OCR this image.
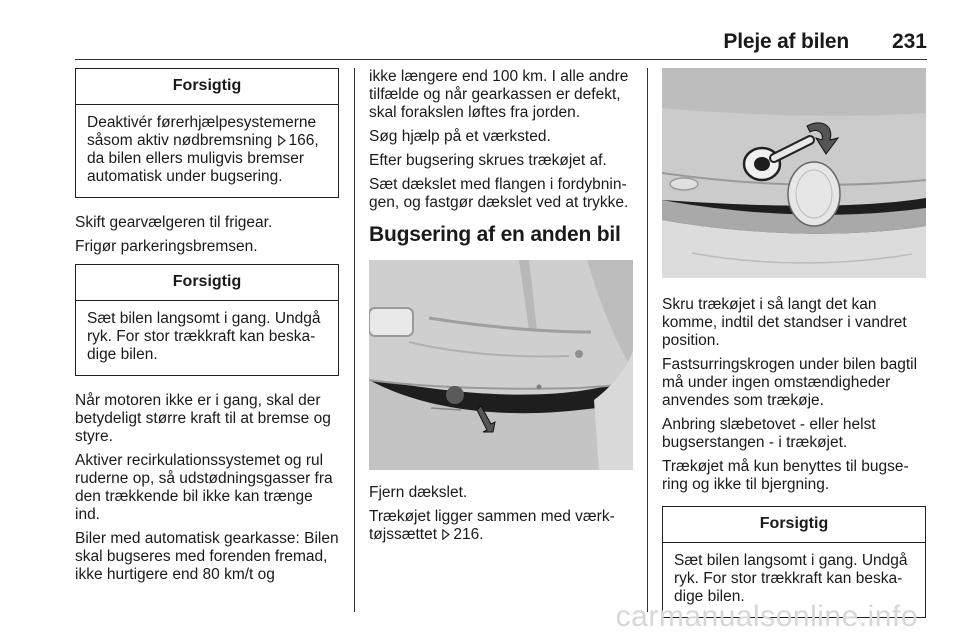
Pleje af bilen 231
Forsigtig
Deaktivér førerhjælpesystemerne såsom aktiv nødbremsning 166, da bilen ellers muligvis bremser automatisk under bugsering.

Skift gearvælgeren til frigear.

Frigør parkeringsbremsen.

Forsigtig
Sæt bilen langsomt i gang. Undgå ryk. For stor trækkraft kan beskadige bilen.

Når motoren ikke er i gang, skal der betydeligt større kraft til at bremse og styre.

Aktiver recirkulationssystemet og rul ruderne op, så udstødningsgasser fra den trækkende bil ikke kan trænge ind.

Biler med automatisk gearkasse: Bilen skal bugseres med forenden fremad, ikke hurtigere end 80 km/t og

ikke længere end 100 km. I alle andre tilfælde og når gearkassen er defekt, skal forakslen løftes fra jorden.

Søg hjælp på et værksted.

Efter bugsering skrues trækøjet af.

Sæt dækslet med flangen i fordybningen, og fastgør dækslet ved at trykke.

Bugsering af en anden bil

Fjern dækslet.

Trækøjet ligger sammen med værktøjssættet 216.

Skru trækøjet i så langt det kan komme, indtil det standser i vandret position.

Fastsurringskrogen under bilen bagtil må under ingen omstændigheder anvendes som trækøje.

Anbring slæbetovet - eller helst bugserstangen - i trækøjet.

Trækøjet må kun benyttes til bugsering og ikke til bjergning.

Forsigtig
Sæt bilen langsomt i gang. Undgå ryk. For stor trækkraft kan beskadige bilen.
carmanualsonline.info
